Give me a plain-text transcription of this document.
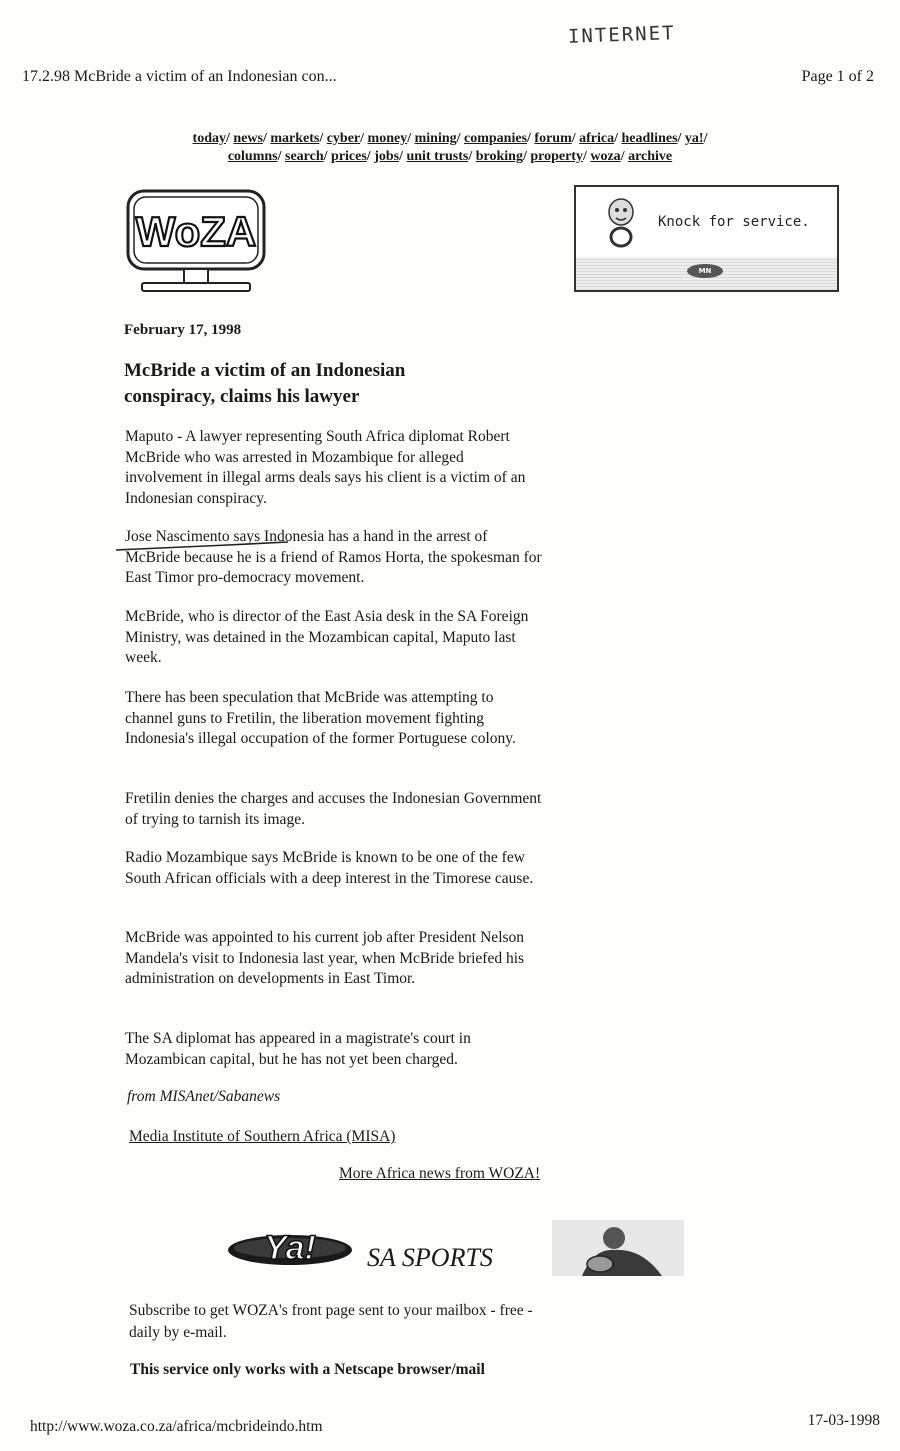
INTERNET
17.2.98 McBride a victim of an Indonesian con...	Page 1 of 2
today/ news/ markets/ cyber/ money/ mining/ companies/ forum/ africa/ headlines/ ya!/
columns/ search/ prices/ jobs/ unit trusts/ broking/ property/ woza/ archive
WoZA	Knock for service.
MN
February 17, 1998
McBride a victim of an Indonesian conspiracy, claims his lawyer
Maputo - A lawyer representing South Africa diplomat Robert McBride who was arrested in Mozambique for alleged involvement in illegal arms deals says his client is a victim of an Indonesian conspiracy.
Jose Nascimento says Indonesia has a hand in the arrest of McBride because he is a friend of Ramos Horta, the spokesman for East Timor pro-democracy movement.
McBride, who is director of the East Asia desk in the SA Foreign Ministry, was detained in the Mozambican capital, Maputo last week.
There has been speculation that McBride was attempting to channel guns to Fretilin, the liberation movement fighting Indonesia's illegal occupation of the former Portuguese colony.
Fretilin denies the charges and accuses the Indonesian Government of trying to tarnish its image.
Radio Mozambique says McBride is known to be one of the few South African officials with a deep interest in the Timorese cause.
McBride was appointed to his current job after President Nelson Mandela's visit to Indonesia last year, when McBride briefed his administration on developments in East Timor.
The SA diplomat has appeared in a magistrate's court in Mozambican capital, but he has not yet been charged.
from MISAnet/Sabanews
Media Institute of Southern Africa (MISA)
More Africa news from WOZA!
Ya! SA SPORTS
Subscribe to get WOZA's front page sent to your mailbox - free - daily by e-mail.
This service only works with a Netscape browser/mail
http://www.woza.co.za/africa/mcbrideindo.htm	17-03-1998
